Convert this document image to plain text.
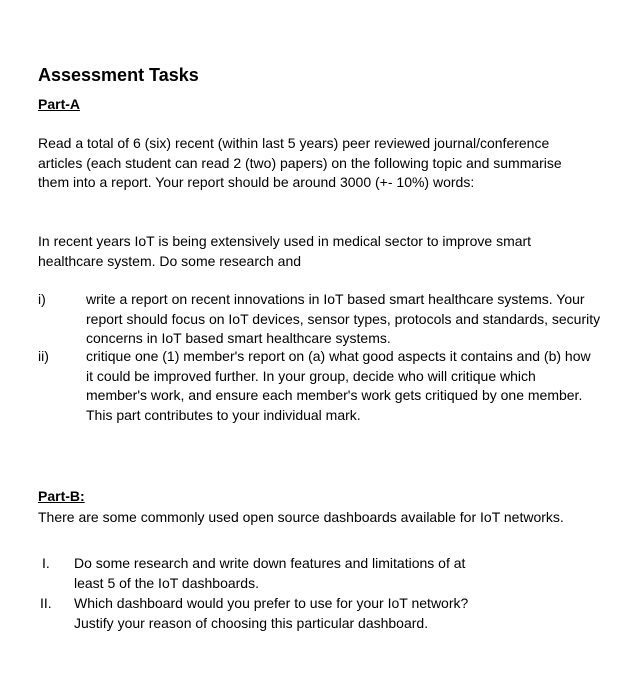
Assessment Tasks
Part-A

Read a total of 6 (six) recent (within last 5 years) peer reviewed journal/conference articles (each student can read 2 (two) papers) on the following topic and summarise them into a report. Your report should be around 3000 (+- 10%) words:

In recent years IoT is being extensively used in medical sector to improve smart healthcare system. Do some research and

i)	write a report on recent innovations in IoT based smart healthcare systems. Your report should focus on IoT devices, sensor types, protocols and standards, security concerns in IoT based smart healthcare systems.
ii)	critique one (1) member's report on (a) what good aspects it contains and (b) how it could be improved further. In your group, decide who will critique which member's work, and ensure each member's work gets critiqued by one member. This part contributes to your individual mark.
Part-B:

There are some commonly used open source dashboards available for IoT networks.

I. Do some research and write down features and limitations of at least 5 of the IoT dashboards.
II. Which dashboard would you prefer to use for your IoT network? Justify your reason of choosing this particular dashboard.
